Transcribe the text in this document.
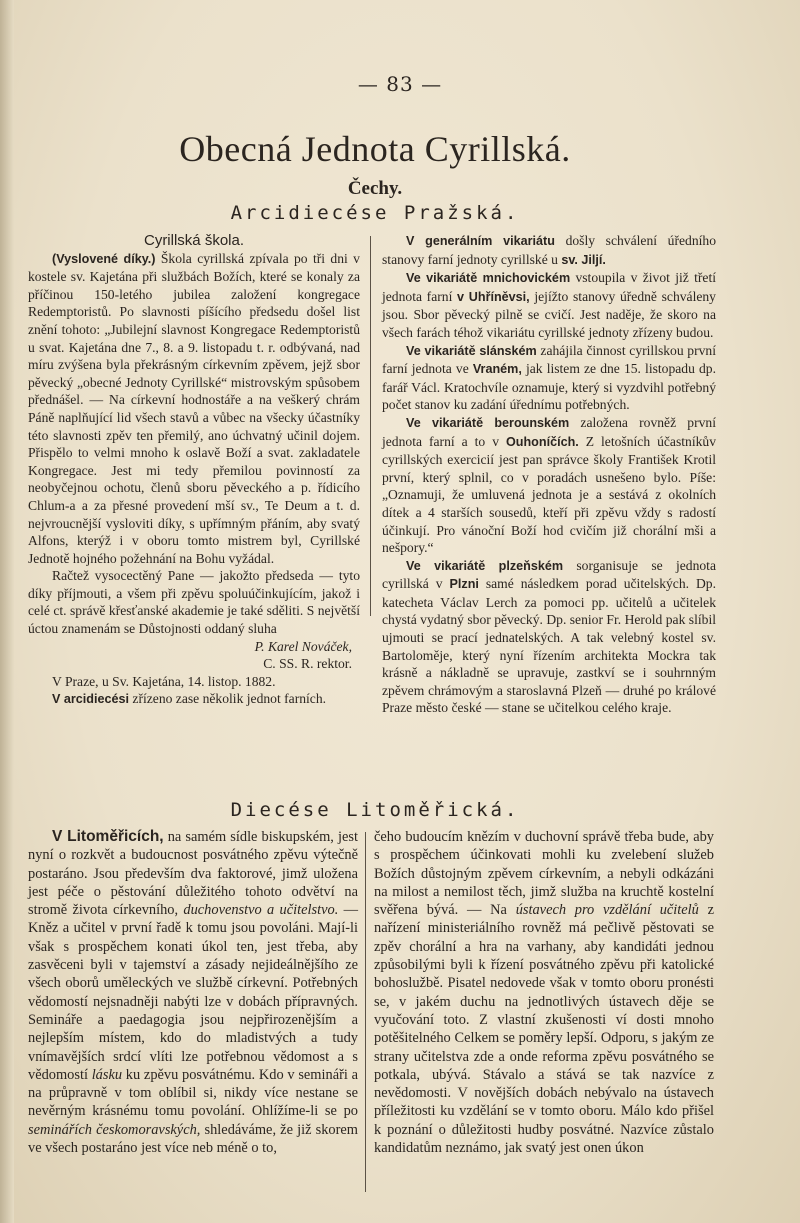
— 83 —
Obecná Jednota Cyrillská.
Čechy.
Arcidiecése Pražská.

Cyrillská škola.

(Vyslovené díky.) Škola cyrillská zpívala po tři dni v kostele sv. Kajetána při službách Božích, které se konaly za příčinou 150-letého jubilea založení kongregace Redemptoristů. Po slavnosti píšícího předsedu došel list znění tohoto: „Jubilejní slavnost Kongregace Redemptoristů u svat. Kajetána dne 7., 8. a 9. listopadu t. r. odbývaná, nad míru zvýšena byla překrásným církevním zpěvem, jejž sbor pěvecký „obecné Jednoty Cyrillské“ mistrovským spůsobem přednášel. — Na církevní hodnostáře a na veškerý chrám Páně naplňující lid všech stavů a vůbec na všecky účastníky této slavnosti zpěv ten přemilý, ano úchvatný učinil dojem. Přispělo to velmi mnoho k oslavě Boží a svat. zakladatele Kongregace. Jest mi tedy přemilou povinností za neobyčejnou ochotu, členů sboru pěveckého a p. řídicího Chlum-a a za přesné provedení mší sv., Te Deum a t. d. nejvroucnější vysloviti díky, s upřímným přáním, aby svatý Alfons, kterýž i v oboru tomto mistrem byl, Cyrillské Jednotě hojného požehnání na Bohu vyžádal.

Račtež vysocectěný Pane — jakožto předseda — tyto díky příjmouti, a všem při zpěvu spoluúčinkujícím, jakož i celé ct. správě křesťanské akademie je také sděliti. S největší úctou znamenám se Důstojnosti oddaný sluha

P. Karel Nováček,

C. SS. R. rektor.

V Praze, u Sv. Kajetána, 14. listop. 1882.

V arcidiecési zřízeno zase několik jednot farních.

V generálním vikariátu došly schválení úředního stanovy farní jednoty cyrillské u sv. Jiljí.

Ve vikariátě mnichovickém vstoupila v život již třetí jednota farní v Uhříněvsi, jejížto stanovy úředně schváleny jsou. Sbor pěvecký pilně se cvičí. Jest naděje, že skoro na všech farách téhož vikariátu cyrillské jednoty zřízeny budou.

Ve vikariátě slánském zahájila činnost cyrillskou první farní jednota ve Vraném, jak listem ze dne 15. listopadu dp. farář Václ. Kratochvíle oznamuje, který si vyzdvihl potřebný počet stanov ku zadání úřednímu potřebných.

Ve vikariátě berounském založena rovněž první jednota farní a to v Ouhoníčích. Z letošních účastníkův cyrillských exercicií jest pan správce školy František Krotil první, který splnil, co v poradách usnešeno bylo. Píše: „Oznamuji, že umluvená jednota je a sestává z okolních dítek a 4 starších sousedů, kteří při zpěvu vždy s radostí účinkují. Pro vánoční Boží hod cvičím již chorální mši a nešpory.“

Ve vikariátě plzeňském sorganisuje se jednota cyrillská v Plzni samé následkem porad učitelských. Dp. katecheta Václav Lerch za pomoci pp. učitelů a učitelek chystá vydatný sbor pěvecký. Dp. senior Fr. Herold pak slíbil ujmouti se prací jednatelských. A tak velebný kostel sv. Bartoloměje, který nyní řízením architekta Mockra tak krásně a nákladně se upravuje, zastkví se i souhrnným zpěvem chrámovým a staroslavná Plzeň — druhé po králové Praze město české — stane se učitelkou celého kraje.

Diecése Litoměřická.

V Litoměřicích, na samém sídle biskupském, jest nyní o rozkvět a budoucnost posvátného zpěvu výtečně postaráno. Jsou především dva faktorové, jimž uložena jest péče o pěstování důležitého tohoto odvětví na stromě života církevního, duchovenstvo a učitelstvo. — Kněz a učitel v první řadě k tomu jsou povoláni. Mají-li však s prospěchem konati úkol ten, jest třeba, aby zasvěceni byli v tajemství a zásady nejideálnějšího ze všech oborů uměleckých ve službě církevní. Potřebných vědomostí nejsnadněji nabýti lze v dobách přípravných. Semináře a paedagogia jsou nejpřirozenějším a nejlepším místem, kdo do mladistvých a tudy vnímavějších srdcí vlíti lze potřebnou vědomost a s vědomostí lásku ku zpěvu posvátnému. Kdo v semináři a na průpravně v tom oblíbil si, nikdy více nestane se nevěrným krásnému tomu povolání. Ohlížíme-li se po seminářích českomoravských, shledáváme, že již skorem ve všech postaráno jest více neb méně o to,

čeho budoucím knězím v duchovní správě třeba bude, aby s prospěchem účinkovati mohli ku zvelebení služeb Božích důstojným zpěvem církevním, a nebyli odkázáni na milost a nemilost těch, jimž služba na kruchtě kostelní svěřena bývá. — Na ústavech pro vzdělání učitelů z nařízení ministeriálního rovněž má pečlivě pěstovati se zpěv chorální a hra na varhany, aby kandidáti jednou způsobilými byli k řízení posvátného zpěvu při katolické bohoslužbě. Pisatel nedovede však v tomto oboru pronésti se, v jakém duchu na jednotlivých ústavech děje se vyučování toto. Z vlastní zkušenosti ví dosti mnoho potěšitelného Celkem se poměry lepší. Odporu, s jakým ze strany učitelstva zde a onde reforma zpěvu posvátného se potkala, ubývá. Stávalo a stává se tak nazvíce z nevědomosti. V novějších dobách nebývalo na ústavech příležitosti ku vzdělání se v tomto oboru. Málo kdo přišel k poznání o důležitosti hudby posvátné. Nazvíce zůstalo kandidatům neznámo, jak svatý jest onen úkon
